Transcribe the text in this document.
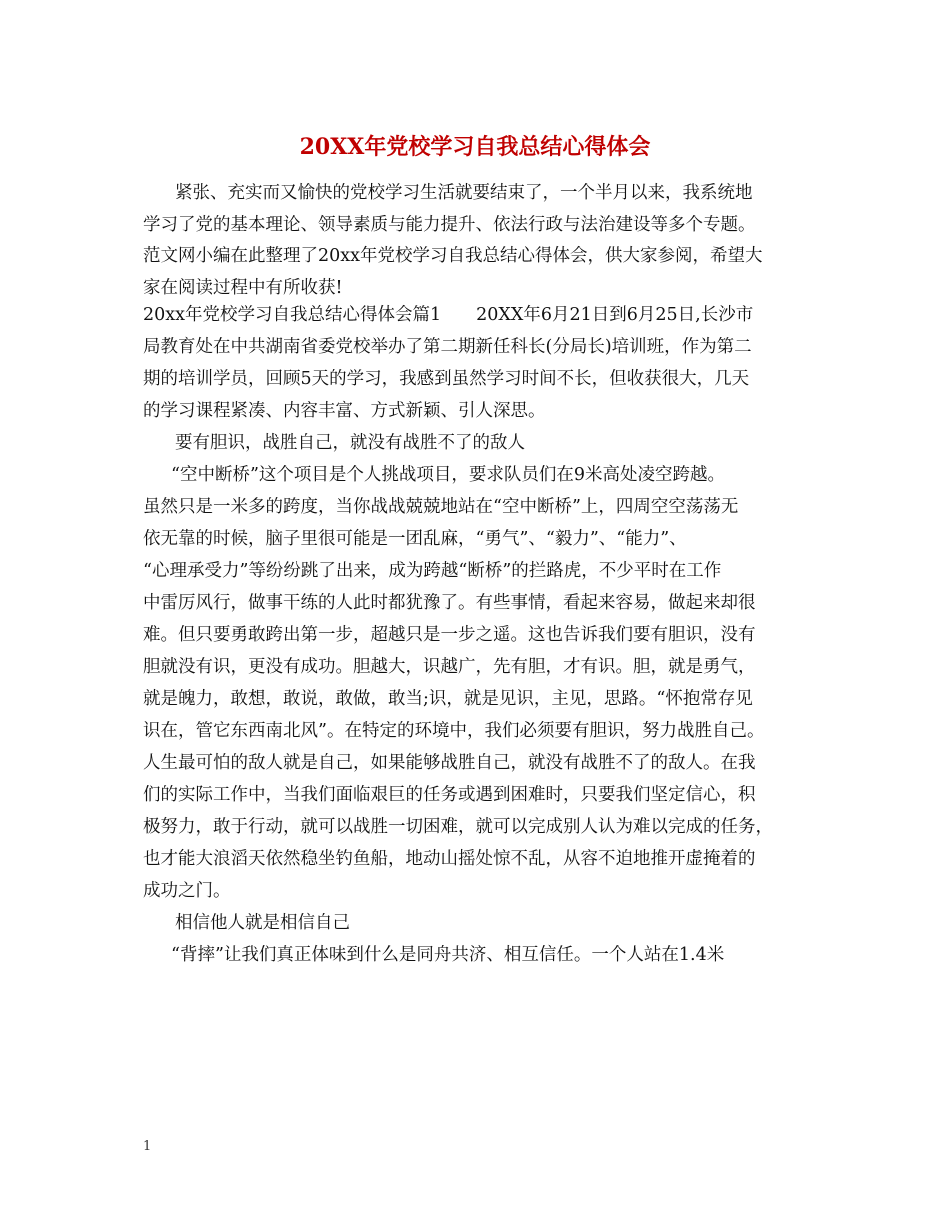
20XX年党校学习自我总结心得体会

紧张、充实而又愉快的党校学习生活就要结束了，一个半月以来，我系统地

学习了党的基本理论、领导素质与能力提升、依法行政与法治建设等多个专题。

范文网小编在此整理了20xx年党校学习自我总结心得体会，供大家参阅，希望大

家在阅读过程中有所收获!

20xx年党校学习自我总结心得体会篇1　　20XX年6月21日到6月25日,长沙市

局教育处在中共湖南省委党校举办了第二期新任科长(分局长)培训班，作为第二

期的培训学员，回顾5天的学习，我感到虽然学习时间不长，但收获很大，几天

的学习课程紧凑、内容丰富、方式新颖、引人深思。

要有胆识，战胜自己，就没有战胜不了的敌人

“空中断桥”这个项目是个人挑战项目，要求队员们在9米高处凌空跨越。

虽然只是一米多的跨度，当你战战兢兢地站在“空中断桥”上，四周空空荡荡无

依无靠的时候，脑子里很可能是一团乱麻，“勇气”、“毅力”、“能力”、

“心理承受力”等纷纷跳了出来，成为跨越“断桥”的拦路虎，不少平时在工作

中雷厉风行，做事干练的人此时都犹豫了。有些事情，看起来容易，做起来却很

难。但只要勇敢跨出第一步，超越只是一步之遥。这也告诉我们要有胆识，没有

胆就没有识，更没有成功。胆越大，识越广，先有胆，才有识。胆，就是勇气，

就是魄力，敢想，敢说，敢做，敢当;识，就是见识，主见，思路。“怀抱常存见

识在，管它东西南北风”。在特定的环境中，我们必须要有胆识，努力战胜自己。

人生最可怕的敌人就是自己，如果能够战胜自己，就没有战胜不了的敌人。在我

们的实际工作中，当我们面临艰巨的任务或遇到困难时，只要我们坚定信心，积

极努力，敢于行动，就可以战胜一切困难，就可以完成别人认为难以完成的任务，

也才能大浪滔天依然稳坐钓鱼船，地动山摇处惊不乱，从容不迫地推开虚掩着的

成功之门。

相信他人就是相信自己

“背摔”让我们真正体味到什么是同舟共济、相互信任。一个人站在1.4米

1
